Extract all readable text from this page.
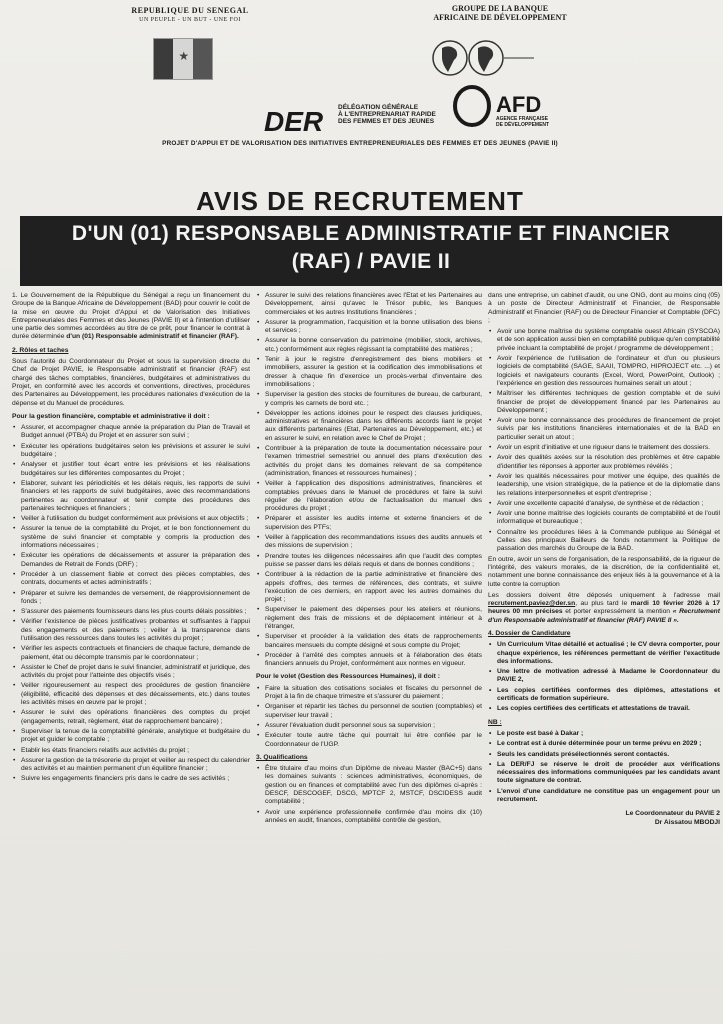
REPUBLIQUE DU SENEGAL
UN PEUPLE - UN BUT - UNE FOI
★
GROUPE DE LA BANQUE
AFRICAINE DE DÉVELOPPEMENT
DER DÉLÉGATION GÉNÉRALE
À L'ENTREPRENARIAT RAPIDE
DES FEMMES ET DES JEUNES
AFD
AGENCE FRANÇAISE
DE DÉVELOPPEMENT
PROJET D'APPUI ET DE VALORISATION DES INITIATIVES ENTREPRENEURIALES DES FEMMES ET DES JEUNES (PAVIE II)
AVIS DE RECRUTEMENT
D'UN (01) RESPONSABLE ADMINISTRATIF ET FINANCIER
(RAF) / PAVIE II

1. Le Gouvernement de la République du Sénégal a reçu un financement du Groupe de la Banque Africaine de Développement (BAD) pour couvrir le coût de la mise en œuvre du Projet d'Appui et de Valorisation des Initiatives Entrepreneuriales des Femmes et des Jeunes (PAVIE II) et à l'intention d'utiliser une partie des sommes accordées au titre de ce prêt, pour financer le contrat à durée déterminée d'un (01) Responsable administratif et financier (RAF).

2. Rôles et taches

Sous l'autorité du Coordonnateur du Projet et sous la supervision directe du Chef de Projet PAVIE, le Responsable administratif et financier (RAF) est chargé des tâches comptables, financières, budgétaires et administratives du Projet, en conformité avec les accords et conventions, directives, procédures des Partenaires au Développement, les procédures nationales d'exécution de la dépense et du Manuel de procédures.

Pour la gestion financière, comptable et administrative il doit :
• Assurer, et accompagner chaque année la préparation du Plan de Travail et Budget annuel (PTBA) du Projet et en assurer son suivi ;
• Exécuter les opérations budgétaires selon les prévisions et assurer le suivi budgétaire ;
• Analyser et justifier tout écart entre les prévisions et les réalisations budgétaires sur les différentes composantes du Projet ;
• Elaborer, suivant les périodicités et les délais requis, les rapports de suivi financiers et les rapports de suivi budgétaires, avec des recommandations pertinentes au coordonnateur et tenir compte des procédures des partenaires techniques et financiers ;
• Veiller à l'utilisation du budget conformément aux prévisions et aux objectifs ;
• Assurer la tenue de la comptabilité du Projet, et le bon fonctionnement du système de suivi financier et comptable y compris la production des informations nécessaires ;
• Exécuter les opérations de décaissements et assurer la préparation des Demandes de Retrait de Fonds (DRF) ;
• Procéder à un classement fiable et correct des pièces comptables, des contrats, documents et actes administratifs ;
• Préparer et suivre les demandes de versement, de réapprovisionnement de fonds ;
• S'assurer des paiements fournisseurs dans les plus courts délais possibles ;
• Vérifier l'existence de pièces justificatives probantes et suffisantes à l'appui des engagements et des paiements ; veiller à la transparence dans l'utilisation des ressources dans toutes les activités du projet ;
• Vérifier les aspects contractuels et financiers de chaque facture, demande de paiement, état ou décompte transmis par le coordonnateur ;
• Assister le Chef de projet dans le suivi financier, administratif et juridique, des activités du projet pour l'atteinte des objectifs visés ;
• Veiller rigoureusement au respect des procédures de gestion financière (éligibilité, efficacité des dépenses et des décaissements, etc.) dans toutes les activités mises en œuvre par le projet ;
• Assurer le suivi des opérations financières des comptes du projet (engagements, retrait, règlement, état de rapprochement bancaire) ;
• Superviser la tenue de la comptabilité générale, analytique et budgétaire du projet et guider le comptable ;
• Etablir les états financiers relatifs aux activités du projet ;
• Assurer la gestion de la trésorerie du projet et veiller au respect du calendrier des activités et au maintien permanent d'un équilibre financier ;
• Suivre les engagements financiers pris dans le cadre de ses activités ;
• Assurer le suivi des relations financières avec l'Etat et les Partenaires au Développement, ainsi qu'avec le Trésor public, les Banques commerciales et les autres Institutions financières ;
• Assurer la programmation, l'acquisition et la bonne utilisation des biens et services ;
• Assurer la bonne conservation du patrimoine (mobilier, stock, archives, etc.) conformément aux règles régissant la comptabilité des matières ;
• Tenir à jour le registre d'enregistrement des biens mobiliers et immobiliers, assurer la gestion et la codification des immobilisations et dresser à chaque fin d'exercice un procès-verbal d'inventaire des immobilisations ;
• Superviser la gestion des stocks de fournitures de bureau, de carburant, y compris les carnets de bord etc. ;
• Développer les actions idoines pour le respect des clauses juridiques, administratives et financières dans les différents accords liant le projet aux différents partenaires (Etat, Partenaires au Développement, etc.) et en assurer le suivi, en relation avec le Chef de Projet ;
• Contribuer à la préparation de toute la documentation nécessaire pour l'examen trimestriel semestriel ou annuel des plans d'exécution des activités du projet dans les domaines relevant de sa compétence (administration, finances et ressources humaines) ;
• Veiller à l'application des dispositions administratives, financières et comptables prévues dans le Manuel de procédures et faire la suivi régulier de l'élaboration et/ou de l'actualisation du manuel des procédures du projet ;
• Préparer et assister les audits interne et externe financiers et de supervision des PTFs;
• Veiller à l'application des recommandations issues des audits annuels et des missions de supervision ;
• Prendre toutes les diligences nécessaires afin que l'audit des comptes puisse se passer dans les délais requis et dans de bonnes conditions ;
• Contribuer à la rédaction de la partie administrative et financière des appels d'offres, des termes de références, des contrats, et suivre l'exécution de ces derniers, en rapport avec les autres domaines du projet ;
• Superviser le paiement des dépenses pour les ateliers et réunions, règlement des frais de missions et de déplacement intérieur et à l'étranger,
• Superviser et procéder à la validation des états de rapprochements bancaires mensuels du compte désigné et sous compte du Projet;
• Procéder à l'arrêté des comptes annuels et à l'élaboration des états financiers annuels du Projet, conformément aux normes en vigueur.
Pour le volet (Gestion des Ressources Humaines), il doit :
• Faire la situation des cotisations sociales et fiscales du personnel de Projet à la fin de chaque trimestre et s'assurer du paiement ;
• Organiser et répartir les tâches du personnel de soutien (comptables) et superviser leur travail ;
• Assurer l'évaluation dudit personnel sous sa supervision ;
• Exécuter toute autre tâche qui pourrait lui être confiée par le Coordonnateur de l'UGP.
3. Qualifications
• Être titulaire d'au moins d'un Diplôme de niveau Master (BAC+5) dans les domaines suivants : sciences administratives, économiques, de gestion ou en finances et comptabilité avec l'un des diplômes ci-après : DESCF, DESCOGEF, DSCG, MPTCF 2, MSTCF, DSCIDESS audit comptabilité ;
• Avoir une expérience professionnelle confirmée d'au moins dix (10) années en audit, finances, comptabilité contrôle de gestion,

dans une entreprise, un cabinet d'audit, ou une ONG, dont au moins cinq (05) à un poste de Directeur Administratif et Financier, de Responsable Administratif et Financier (RAF) ou de Directeur Financier et Comptable (DFC) ;

• Avoir une bonne maîtrise du système comptable ouest Africain (SYSCOA) et de son application aussi bien en comptabilité publique qu'en comptabilité privée incluant la comptabilité de projet / programme de développement ;
• Avoir l'expérience de l'utilisation de l'ordinateur et d'un ou plusieurs logiciels de comptabilité (SAGE, SAAII, TOMPRO, HIPROJECT etc. ...) et logiciels et navigateurs courants (Excel, Word, PowerPoint, Outlook) ; l'expérience en gestion des ressources humaines serait un atout ;
• Maîtriser les différentes techniques de gestion comptable et de suivi financier de projet de développement financé par les Partenaires au Développement ;
• Avoir une bonne connaissance des procédures de financement de projet suivis par les institutions financières internationales et de la BAD en particulier serait un atout ;
• Avoir un esprit d'initiative et une rigueur dans le traitement des dossiers.
• Avoir des qualités axées sur la résolution des problèmes et être capable d'identifier les réponses à apporter aux problèmes révélés ;
• Avoir les qualités nécessaires pour motiver une équipe, des qualités de leadership, une vision stratégique, de la patience et de la diplomatie dans les relations interpersonnelles et esprit d'entreprise ;
• Avoir une excellente capacité d'analyse, de synthèse et de rédaction ;
• Avoir une bonne maîtrise des logiciels courants de comptabilité et de l'outil informatique et bureautique ;
• Connaître les procédures liées à la Commande publique au Sénégal et Celles des principaux Bailleurs de fonds notamment la Politique de passation des marchés du Groupe de la BAD.

En outre, avoir un sens de l'organisation, de la responsabilité, de la rigueur de l'intégrité, des valeurs morales, de la discrétion, de la confidentialité et, notamment une bonne connaissance des enjeux liés à la gouvernance et à la lutte contre la corruption

Les dossiers doivent être déposés uniquement à l'adresse mail recrutement.paviez@der.sn, au plus tard le mardi 10 février 2026 à 17 heures 00 mn précises et porter expressément la mention « Recrutement d'un Responsable administratif et financier (RAF) PAVIE II ».

4. Dossier de Candidature
• Un Curriculum Vitae détaillé et actualisé ; le CV devra comporter, pour chaque expérience, les références permettant de vérifier l'exactitude des informations.
• Une lettre de motivation adressé à Madame le Coordonnateur du PAVIE 2,
• Les copies certifiées conformes des diplômes, attestations et certificats de formation supérieure.
• Les copies certifiées des certificats et attestations de travail.
NB :
• Le poste est basé à Dakar ;
• Le contrat est à durée déterminée pour un terme prévu en 2029 ;
• Seuls les candidats présélectionnés seront contactés.
• La DER/FJ se réserve le droit de procéder aux vérifications nécessaires des informations communiquées par les candidats avant toute signature de contrat.
• L'envoi d'une candidature ne constitue pas un engagement pour un recrutement.
Le Coordonnateur du PAVIE 2
Dr Aissatou MBODJI
